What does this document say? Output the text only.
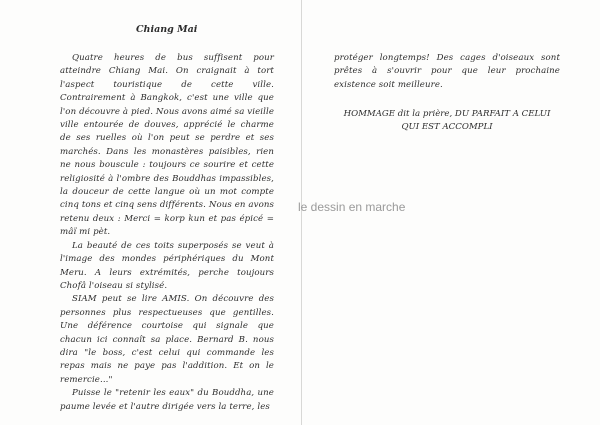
Chiang Mai

Quatre heures de bus suffisent pour atteindre Chiang Mai. On craignait à tort l'aspect touristique de cette ville. Contrairement à Bangkok, c'est une ville que l'on découvre à pied. Nous avons aimé sa vieille ville entourée de douves, apprécié le charme de ses ruelles où l'on peut se perdre et ses marchés. Dans les monastères paisibles, rien ne nous bouscule : toujours ce sourire et cette religiosité à l'ombre des Bouddhas impassibles, la douceur de cette langue où un mot compte cinq tons et cinq sens différents. Nous en avons retenu deux : Merci = korp kun et pas épicé = mâï mi pèt.

La beauté de ces toits superposés se veut à l'image des mondes périphériques du Mont Meru. A leurs extrémités, perche toujours Chofâ l'oiseau si stylisé.

SIAM peut se lire AMIS. On découvre des personnes plus respectueuses que gentilles. Une déférence courtoise qui signale que chacun ici connaît sa place. Bernard B. nous dira "le boss, c'est celui qui commande les repas mais ne paye pas l'addition. Et on le remercie..."

Puisse le "retenir les eaux" du Bouddha, une paume levée et l'autre dirigée vers la terre, les

protéger longtemps! Des cages d'oiseaux sont prêtes à s'ouvrir pour que leur prochaine existence soit meilleure.

HOMMAGE dit la prière, DU PARFAIT A CELUI
QUI EST ACCOMPLI
le dessin en marche
